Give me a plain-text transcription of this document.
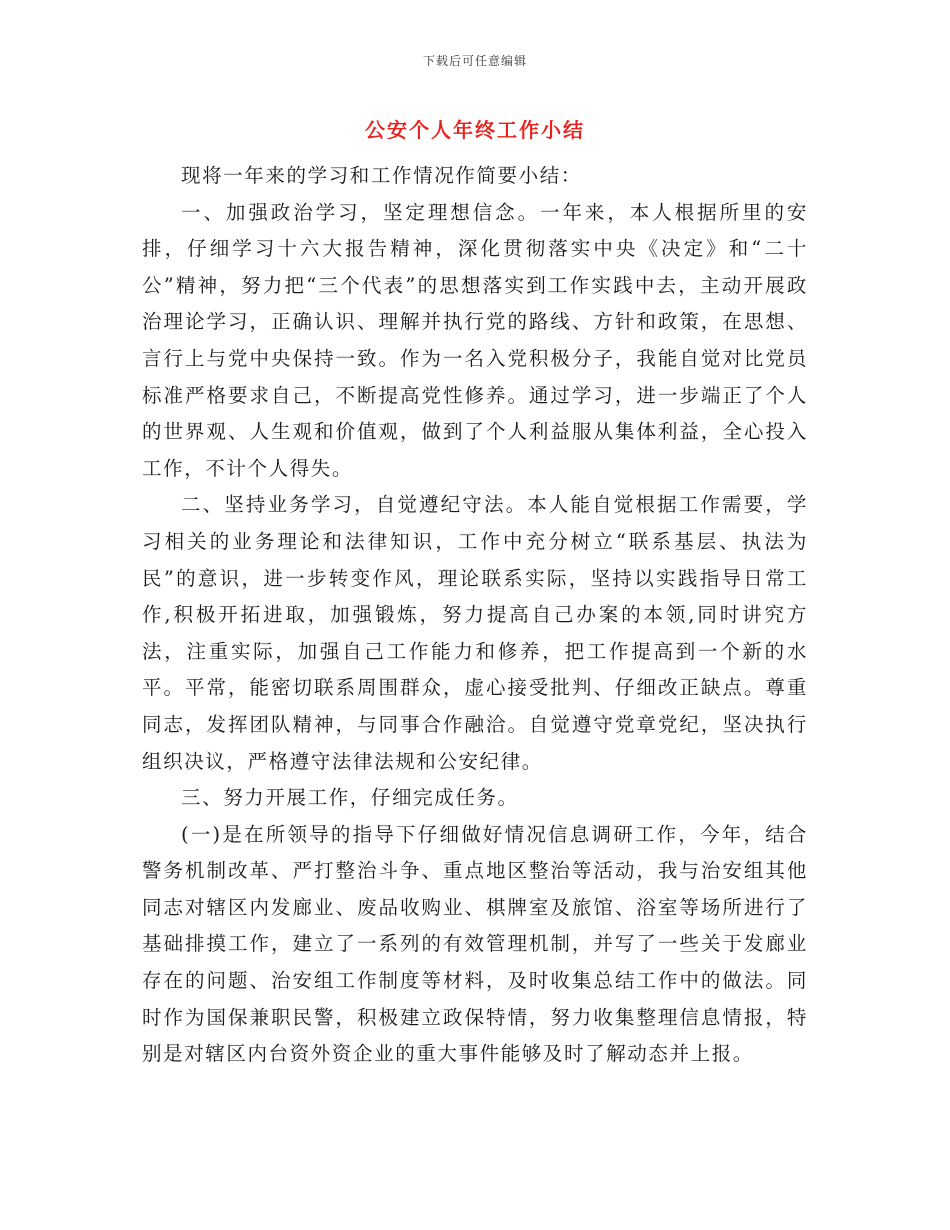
下载后可任意编辑
公安个人年终工作小结

现将一年来的学习和工作情况作简要小结：

一、加强政治学习，坚定理想信念。一年来，本人根据所里的安排，仔细学习十六大报告精神，深化贯彻落实中央《决定》和“二十公”精神，努力把“三个代表”的思想落实到工作实践中去，主动开展政治理论学习，正确认识、理解并执行党的路线、方针和政策，在思想、言行上与党中央保持一致。作为一名入党积极分子，我能自觉对比党员标准严格要求自己，不断提高党性修养。通过学习，进一步端正了个人的世界观、人生观和价值观，做到了个人利益服从集体利益，全心投入工作，不计个人得失。

二、坚持业务学习，自觉遵纪守法。本人能自觉根据工作需要，学习相关的业务理论和法律知识，工作中充分树立“联系基层、执法为民”的意识，进一步转变作风，理论联系实际，坚持以实践指导日常工作,积极开拓进取，加强锻炼，努力提高自己办案的本领,同时讲究方法，注重实际，加强自己工作能力和修养，把工作提高到一个新的水平。平常，能密切联系周围群众，虚心接受批判、仔细改正缺点。尊重同志，发挥团队精神，与同事合作融洽。自觉遵守党章党纪，坚决执行组织决议，严格遵守法律法规和公安纪律。

三、努力开展工作，仔细完成任务。

(一)是在所领导的指导下仔细做好情况信息调研工作，今年，结合警务机制改革、严打整治斗争、重点地区整治等活动，我与治安组其他同志对辖区内发廊业、废品收购业、棋牌室及旅馆、浴室等场所进行了基础排摸工作，建立了一系列的有效管理机制，并写了一些关于发廊业存在的问题、治安组工作制度等材料，及时收集总结工作中的做法。同时作为国保兼职民警，积极建立政保特情，努力收集整理信息情报，特别是对辖区内台资外资企业的重大事件能够及时了解动态并上报。
